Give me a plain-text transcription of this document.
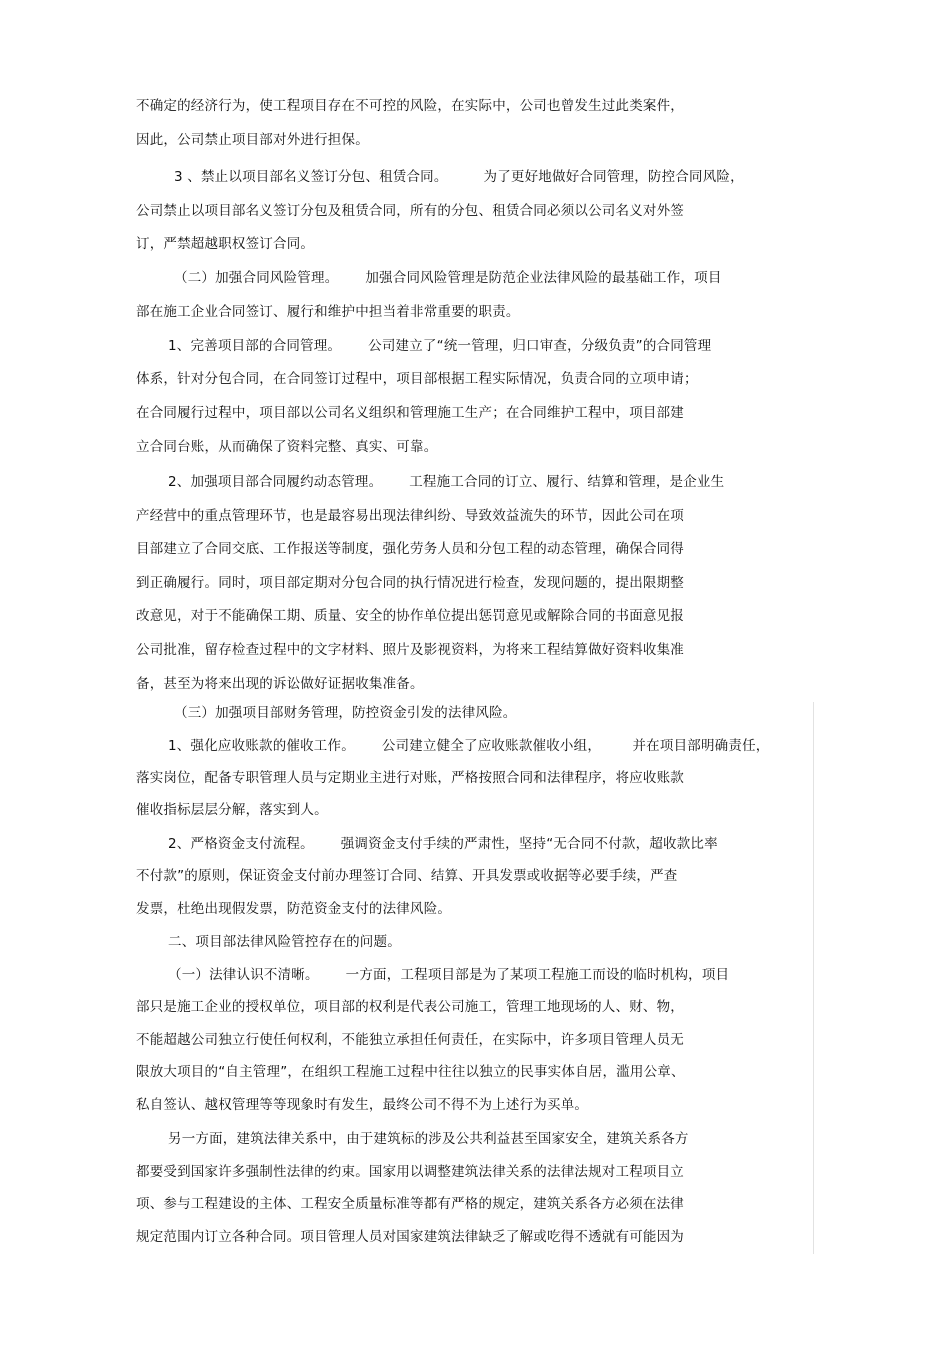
不确定的经济行为，使工程项目存在不可控的风险，在实际中，公司也曾发生过此类案件，
因此，公司禁止项目部对外进行担保。
3 、禁止以项目部名义签订分包、租赁合同。        为了更好地做好合同管理，防控合同风险，
公司禁止以项目部名义签订分包及租赁合同，所有的分包、租赁合同必须以公司名义对外签
订，严禁超越职权签订合同。
（二）加强合同风险管理。      加强合同风险管理是防范企业法律风险的最基础工作，项目
部在施工企业合同签订、履行和维护中担当着非常重要的职责。
1、完善项目部的合同管理。      公司建立了“统一管理，归口审查，分级负责”的合同管理
体系，针对分包合同，在合同签订过程中，项目部根据工程实际情况，负责合同的立项申请；
在合同履行过程中，项目部以公司名义组织和管理施工生产；在合同维护工程中，项目部建
立合同台账，从而确保了资料完整、真实、可靠。
2、加强项目部合同履约动态管理。      工程施工合同的订立、履行、结算和管理，是企业生
产经营中的重点管理环节，也是最容易出现法律纠纷、导致效益流失的环节，因此公司在项
目部建立了合同交底、工作报送等制度，强化劳务人员和分包工程的动态管理，确保合同得
到正确履行。同时，项目部定期对分包合同的执行情况进行检查，发现问题的，提出限期整
改意见，对于不能确保工期、质量、安全的协作单位提出惩罚意见或解除合同的书面意见报
公司批准，留存检查过程中的文字材料、照片及影视资料，为将来工程结算做好资料收集准
备，甚至为将来出现的诉讼做好证据收集准备。
（三）加强项目部财务管理，防控资金引发的法律风险。
1、强化应收账款的催收工作。      公司建立健全了应收账款催收小组，       并在项目部明确责任，
落实岗位，配备专职管理人员与定期业主进行对账，严格按照合同和法律程序，将应收账款
催收指标层层分解，落实到人。
2、严格资金支付流程。      强调资金支付手续的严肃性，坚持“无合同不付款，超收款比率
不付款”的原则，保证资金支付前办理签订合同、结算、开具发票或收据等必要手续，严查
发票，杜绝出现假发票，防范资金支付的法律风险。
二、项目部法律风险管控存在的问题。
（一）法律认识不清晰。      一方面，工程项目部是为了某项工程施工而设的临时机构，项目
部只是施工企业的授权单位，项目部的权利是代表公司施工，管理工地现场的人、财、物，
不能超越公司独立行使任何权利，不能独立承担任何责任，在实际中，许多项目管理人员无
限放大项目的“自主管理”，在组织工程施工过程中往往以独立的民事实体自居，滥用公章、
私自签认、越权管理等等现象时有发生，最终公司不得不为上述行为买单。
另一方面，建筑法律关系中，由于建筑标的涉及公共利益甚至国家安全，建筑关系各方
都要受到国家许多强制性法律的约束。国家用以调整建筑法律关系的法律法规对工程项目立
项、参与工程建设的主体、工程安全质量标准等都有严格的规定，建筑关系各方必须在法律
规定范围内订立各种合同。项目管理人员对国家建筑法律缺乏了解或吃得不透就有可能因为
